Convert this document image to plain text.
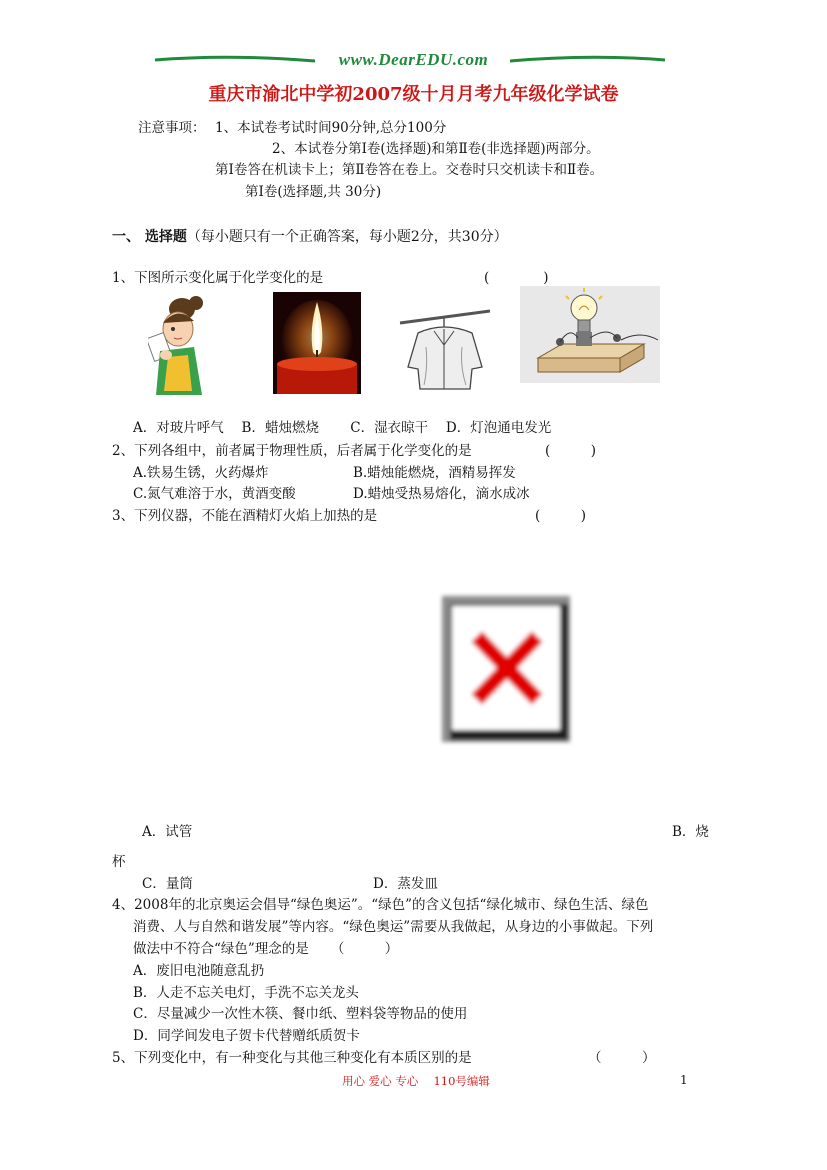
www.DearEDU.com
重庆市渝北中学初2007级十月月考九年级化学试卷
注意事项： 1、本试卷考试时间90分钟,总分100分
2、本试卷分第Ⅰ卷(选择题)和第Ⅱ卷(非选择题)两部分。
第Ⅰ卷答在机读卡上；第Ⅱ卷答在卷上。交卷时只交机读卡和Ⅱ卷。
第Ⅰ卷(选择题,共 30分)
一、 选择题（每小题只有一个正确答案，每小题2分，共30分）
1、下图所示变化属于化学变化的是	(　　　　)
A．对玻片呼气　 B．蜡烛燃烧　 　C．湿衣晾干　 D．灯泡通电发光
2、下列各组中，前者属于物理性质，后者属于化学变化的是	(　　　)
A.铁易生锈，火药爆炸	B.蜡烛能燃烧，酒精易挥发
C.氮气难溶于水，黄酒变酸	D.蜡烛受热易熔化，滴水成冰
3、下列仪器，不能在酒精灯火焰上加热的是	(　　　)
A．试管	B．烧
杯
C．量筒	D．蒸发皿
4、2008年的北京奥运会倡导“绿色奥运”。“绿色”的含义包括“绿化城市、绿色生活、绿色
消费、人与自然和谐发展”等内容。“绿色奥运”需要从我做起，从身边的小事做起。下列
做法中不符合“绿色”理念的是 （　　　）
A．废旧电池随意乱扔
B．人走不忘关电灯，手洗不忘关龙头
C．尽量减少一次性木筷、餐巾纸、塑料袋等物品的使用
D．同学间发电子贺卡代替赠纸质贺卡
5、下列变化中，有一种变化与其他三种变化有本质区别的是	（　　　）
用心 爱心 专心　 110号编辑	1
